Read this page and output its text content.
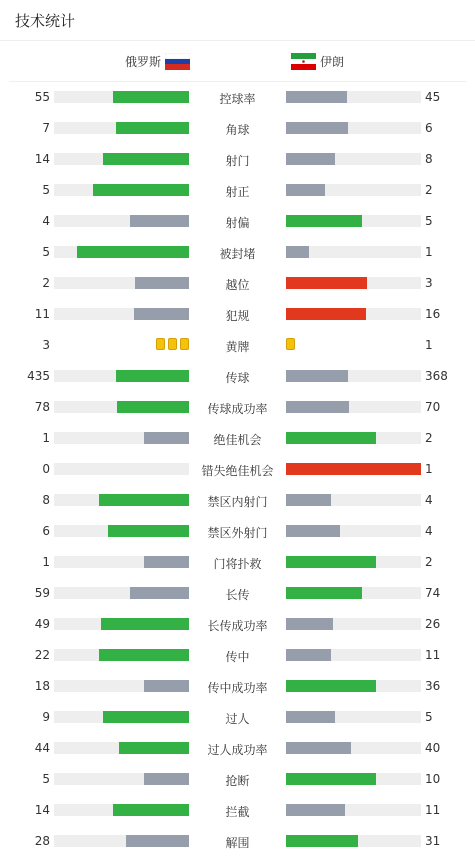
技术统计
俄罗斯	伊朗
55	控球率	45
7	角球	6
14	射门	8
5	射正	2
4	射偏	5
5	被封堵	1
2	越位	3
11	犯规	16
3	黄牌	1
435	传球	368
78	传球成功率	70
1	绝佳机会	2
0	错失绝佳机会	1
8	禁区内射门	4
6	禁区外射门	4
1	门将扑救	2
59	长传	74
49	长传成功率	26
22	传中	11
18	传中成功率	36
9	过人	5
44	过人成功率	40
5	抢断	10
14	拦截	11
28	解围	31
